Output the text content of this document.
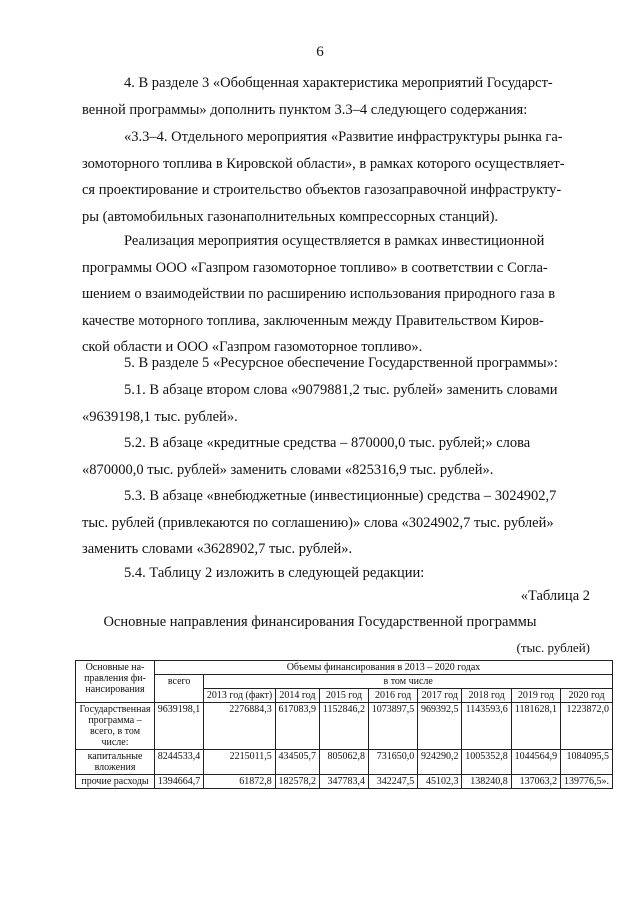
6
4. В разделе 3 «Обобщенная характеристика мероприятий Государст-
венной программы» дополнить пунктом 3.3–4 следующего содержания:
«3.3–4. Отдельного мероприятия «Развитие инфраструктуры рынка га-
зомоторного топлива в Кировской области», в рамках которого осуществляет-
ся проектирование и строительство объектов газозаправочной инфраструкту-
ры (автомобильных газонаполнительных компрессорных станций).
Реализация мероприятия осуществляется в рамках инвестиционной
программы ООО «Газпром газомоторное топливо» в соответствии с Согла-
шением о взаимодействии по расширению использования природного газа в
качестве моторного топлива, заключенным между Правительством Киров-
ской области и ООО «Газпром газомоторное топливо».
5. В разделе 5 «Ресурсное обеспечение Государственной программы»:
5.1. В абзаце втором слова «9079881,2 тыс. рублей» заменить словами
«9639198,1 тыс. рублей».
5.2. В абзаце «кредитные средства – 870000,0 тыс. рублей;» слова
«870000,0 тыс. рублей» заменить словами «825316,9 тыс. рублей».
5.3. В абзаце «внебюджетные (инвестиционные) средства – 3024902,7
тыс. рублей (привлекаются по соглашению)» слова «3024902,7 тыс. рублей»
заменить словами «3628902,7 тыс. рублей».
5.4. Таблицу 2 изложить в следующей редакции:
«Таблица 2
Основные направления финансирования Государственной программы
(тыс. рублей)
Основные на-правления фи-нансирования	Объемы финансирования в 2013 – 2020 годах								
	всего	в том числе							
		2013 год (факт)	2014 год	2015 год	2016 год	2017 год	2018 год	2019 год	2020 год
Государственная программа – всего, в том числе:	9639198,1	2276884,3	617083,9	1152846,2	1073897,5	969392,5	1143593,6	1181628,1	1223872,0
капитальные вложения	8244533,4	2215011,5	434505,7	805062,8	731650,0	924290,2	1005352,8	1044564,9	1084095,5
прочие расходы	1394664,7	61872,8	182578,2	347783,4	342247,5	45102,3	138240,8	137063,2	139776,5».
